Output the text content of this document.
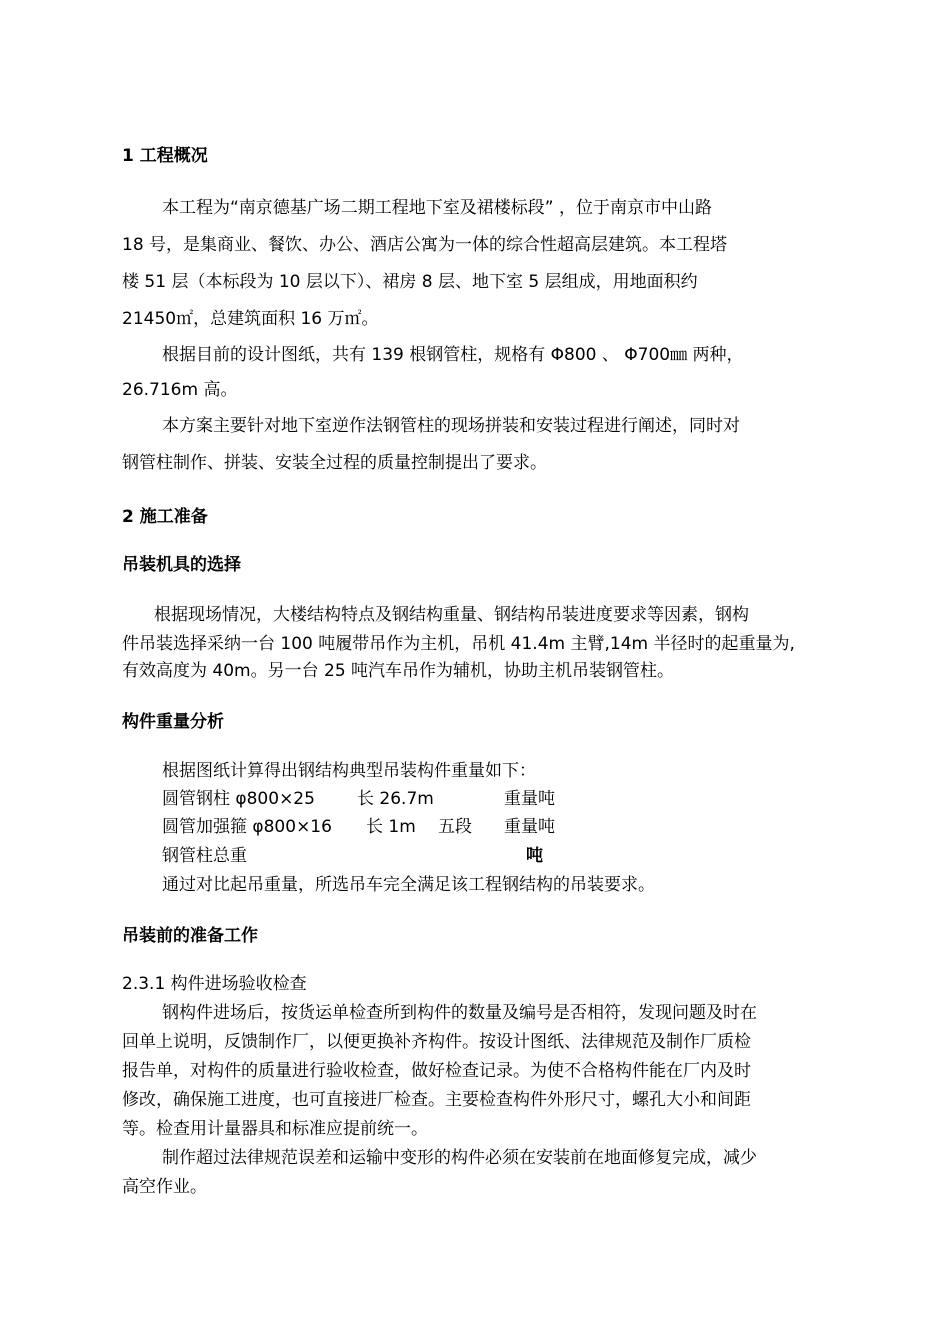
1 工程概况
本工程为“南京德基广场二期工程地下室及裙楼标段” ，位于南京市中山路
18 号，是集商业、餐饮、办公、酒店公寓为一体的综合性超高层建筑。本工程塔
楼 51 层（本标段为 10 层以下）、裙房 8 层、地下室 5 层组成，用地面积约
21450㎡，总建筑面积 16 万㎡。
根据目前的设计图纸，共有 139 根钢管柱，规格有 Φ800 、 Φ700㎜ 两种，
26.716m 高。
本方案主要针对地下室逆作法钢管柱的现场拼装和安装过程进行阐述，同时对
钢管柱制作、拼装、安装全过程的质量控制提出了要求。
2 施工准备
吊装机具的选择
根据现场情况，大楼结构特点及钢结构重量、钢结构吊装进度要求等因素，钢构
件吊装选择采纳一台 100 吨履带吊作为主机，吊机 41.4m 主臂,14m 半径时的起重量为,
有效高度为 40m。另一台 25 吨汽车吊作为辅机，协助主机吊装钢管柱。
构件重量分析
根据图纸计算得出钢结构典型吊装构件重量如下：
圆管钢柱 φ800×25 长 26.7m	重量吨
圆管加强箍 φ800×16 长 1m 五段 重量吨
钢管柱总重	吨
通过对比起吊重量，所选吊车完全满足该工程钢结构的吊装要求。
吊装前的准备工作
2.3.1 构件进场验收检查
钢构件进场后，按货运单检查所到构件的数量及编号是否相符，发现问题及时在
回单上说明，反馈制作厂，以便更换补齐构件。按设计图纸、法律规范及制作厂质检
报告单，对构件的质量进行验收检查，做好检查记录。为使不合格构件能在厂内及时
修改，确保施工进度，也可直接进厂检查。主要检查构件外形尺寸，螺孔大小和间距
等。检查用计量器具和标准应提前统一。
制作超过法律规范误差和运输中变形的构件必须在安装前在地面修复完成，减少
高空作业。
